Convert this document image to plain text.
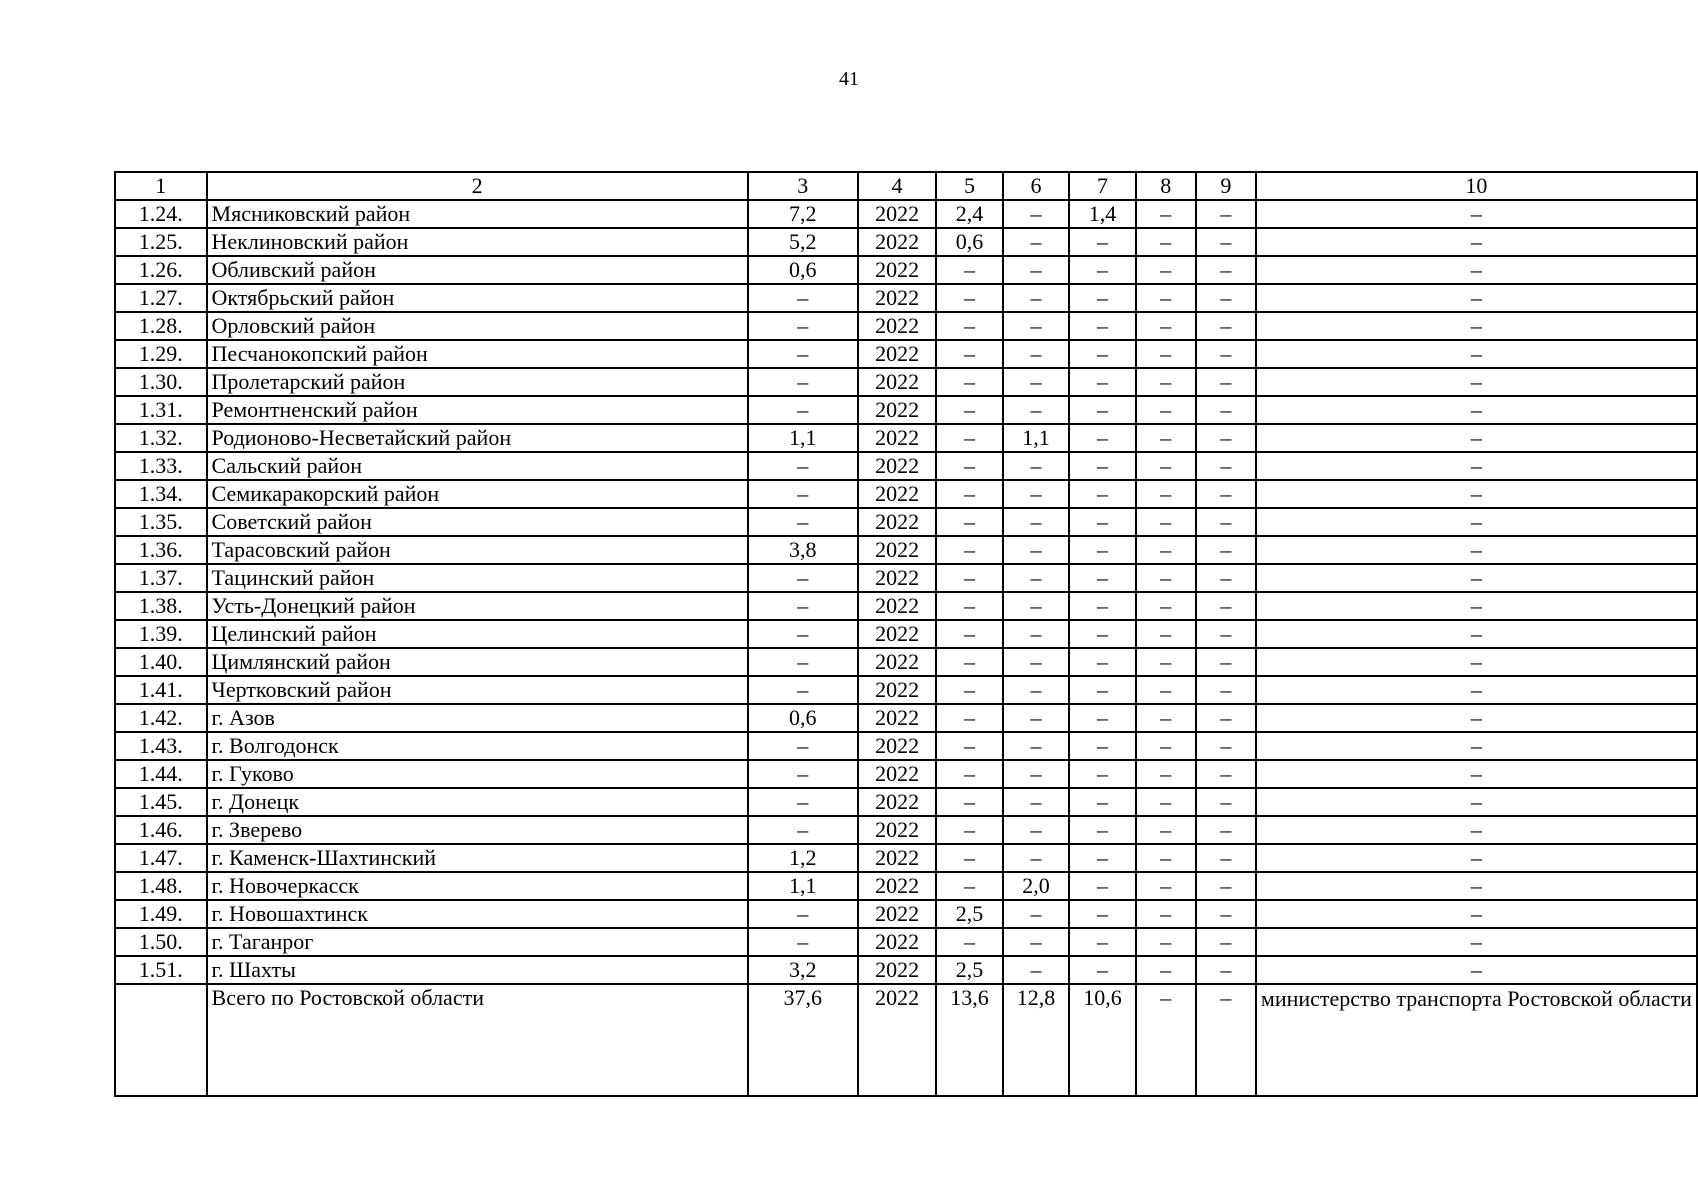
41
1	2	3	4	5	6	7	8	9	10
1.24.	Мясниковский район	7,2	2022	2,4	–	1,4	–	–	–
1.25.	Неклиновский район	5,2	2022	0,6	–	–	–	–	–
1.26.	Обливский район	0,6	2022	–	–	–	–	–	–
1.27.	Октябрьский район	–	2022	–	–	–	–	–	–
1.28.	Орловский район	–	2022	–	–	–	–	–	–
1.29.	Песчанокопский район	–	2022	–	–	–	–	–	–
1.30.	Пролетарский район	–	2022	–	–	–	–	–	–
1.31.	Ремонтненский район	–	2022	–	–	–	–	–	–
1.32.	Родионово-Несветайский район	1,1	2022	–	1,1	–	–	–	–
1.33.	Сальский район	–	2022	–	–	–	–	–	–
1.34.	Семикаракорский район	–	2022	–	–	–	–	–	–
1.35.	Советский район	–	2022	–	–	–	–	–	–
1.36.	Тарасовский район	3,8	2022	–	–	–	–	–	–
1.37.	Тацинский район	–	2022	–	–	–	–	–	–
1.38.	Усть-Донецкий район	–	2022	–	–	–	–	–	–
1.39.	Целинский район	–	2022	–	–	–	–	–	–
1.40.	Цимлянский район	–	2022	–	–	–	–	–	–
1.41.	Чертковский район	–	2022	–	–	–	–	–	–
1.42.	г. Азов	0,6	2022	–	–	–	–	–	–
1.43.	г. Волгодонск	–	2022	–	–	–	–	–	–
1.44.	г. Гуково	–	2022	–	–	–	–	–	–
1.45.	г. Донецк	–	2022	–	–	–	–	–	–
1.46.	г. Зверево	–	2022	–	–	–	–	–	–
1.47.	г. Каменск-Шахтинский	1,2	2022	–	–	–	–	–	–
1.48.	г. Новочеркасск	1,1	2022	–	2,0	–	–	–	–
1.49.	г. Новошахтинск	–	2022	2,5	–	–	–	–	–
1.50.	г. Таганрог	–	2022	–	–	–	–	–	–
1.51.	г. Шахты	3,2	2022	2,5	–	–	–	–	–
	Всего по Ростовской области	37,6	2022	13,6	12,8	10,6	–	–	министерство транспорта Ростовской области
